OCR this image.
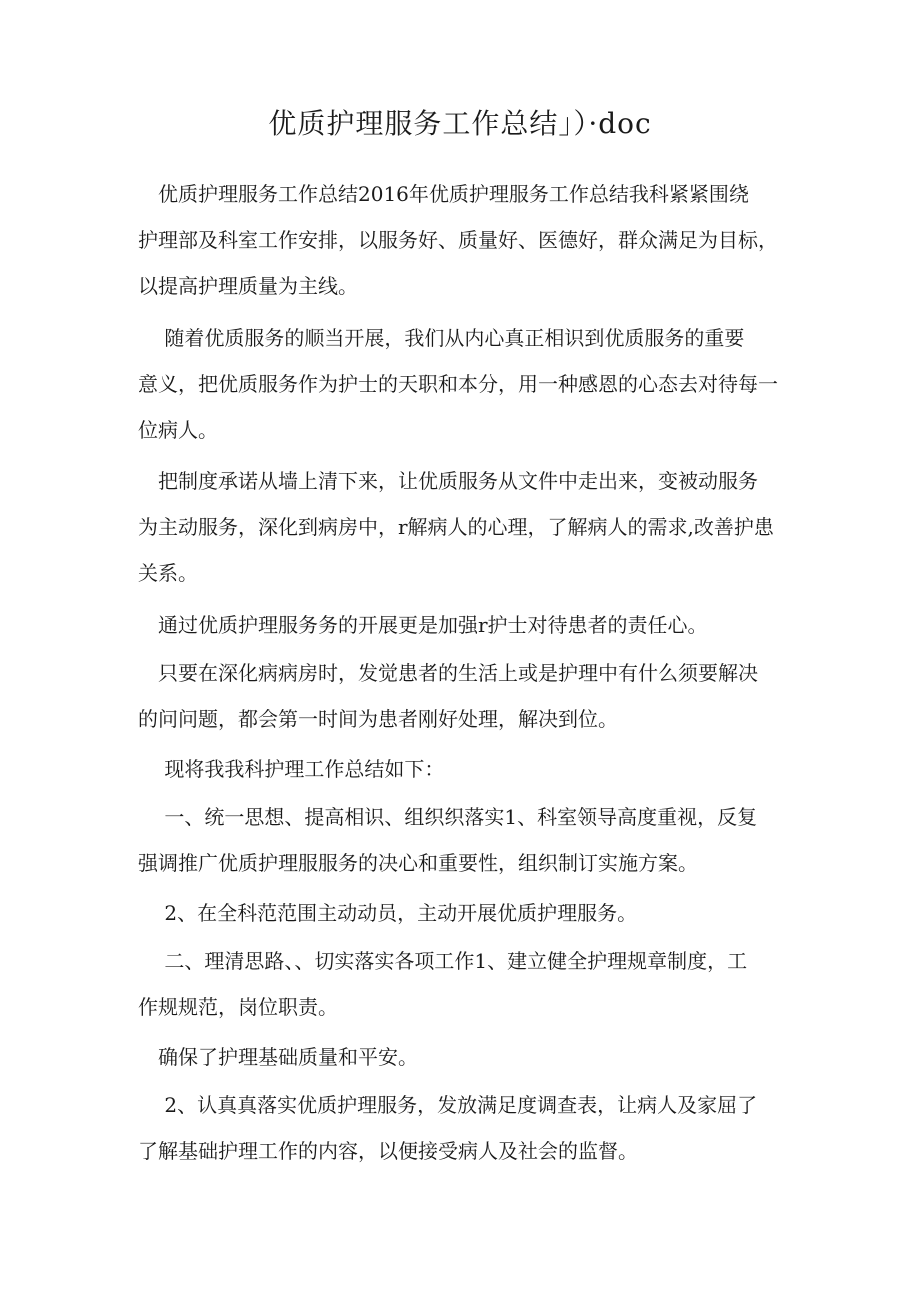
优质护理服务工作总结」）·doc
　优质护理服务工作总结2016年优质护理服务工作总结我科紧紧围绕
护理部及科室工作安排，以服务好、质量好、医德好，群众满足为目标，
以提高护理质量为主线。
　 随着优质服务的顺当开展，我们从内心真正相识到优质服务的重要
意义，把优质服务作为护士的天职和本分，用一种感恩的心态去对待每一
位病人。
　把制度承诺从墙上清下来，让优质服务从文件中走出来，变被动服务
为主动服务，深化到病房中，r解病人的心理，了解病人的需求,改善护患
关系。
　通过优质护理服务务的开展更是加强r护士对待患者的责任心。
　只要在深化病病房时，发觉患者的生活上或是护理中有什么须要解决
的问问题，都会第一时间为患者刚好处理，解决到位。
　 现将我我科护理工作总结如下：
　 一、统一思想、提高相识、组织织落实1、科室领导高度重视，反复
强调推广优质护理服服务的决心和重要性，组织制订实施方案。
　 2、在全科范范围主动动员，主动开展优质护理服务。
　 二、理清思路、、切实落实各项工作1、建立健全护理规章制度，工
作规规范，岗位职责。
　确保了护理基础质量和平安。
　 2、认真真落实优质护理服务，发放满足度调查表，让病人及家屈了
了解基础护理工作的内容，以便接受病人及社会的监督。
